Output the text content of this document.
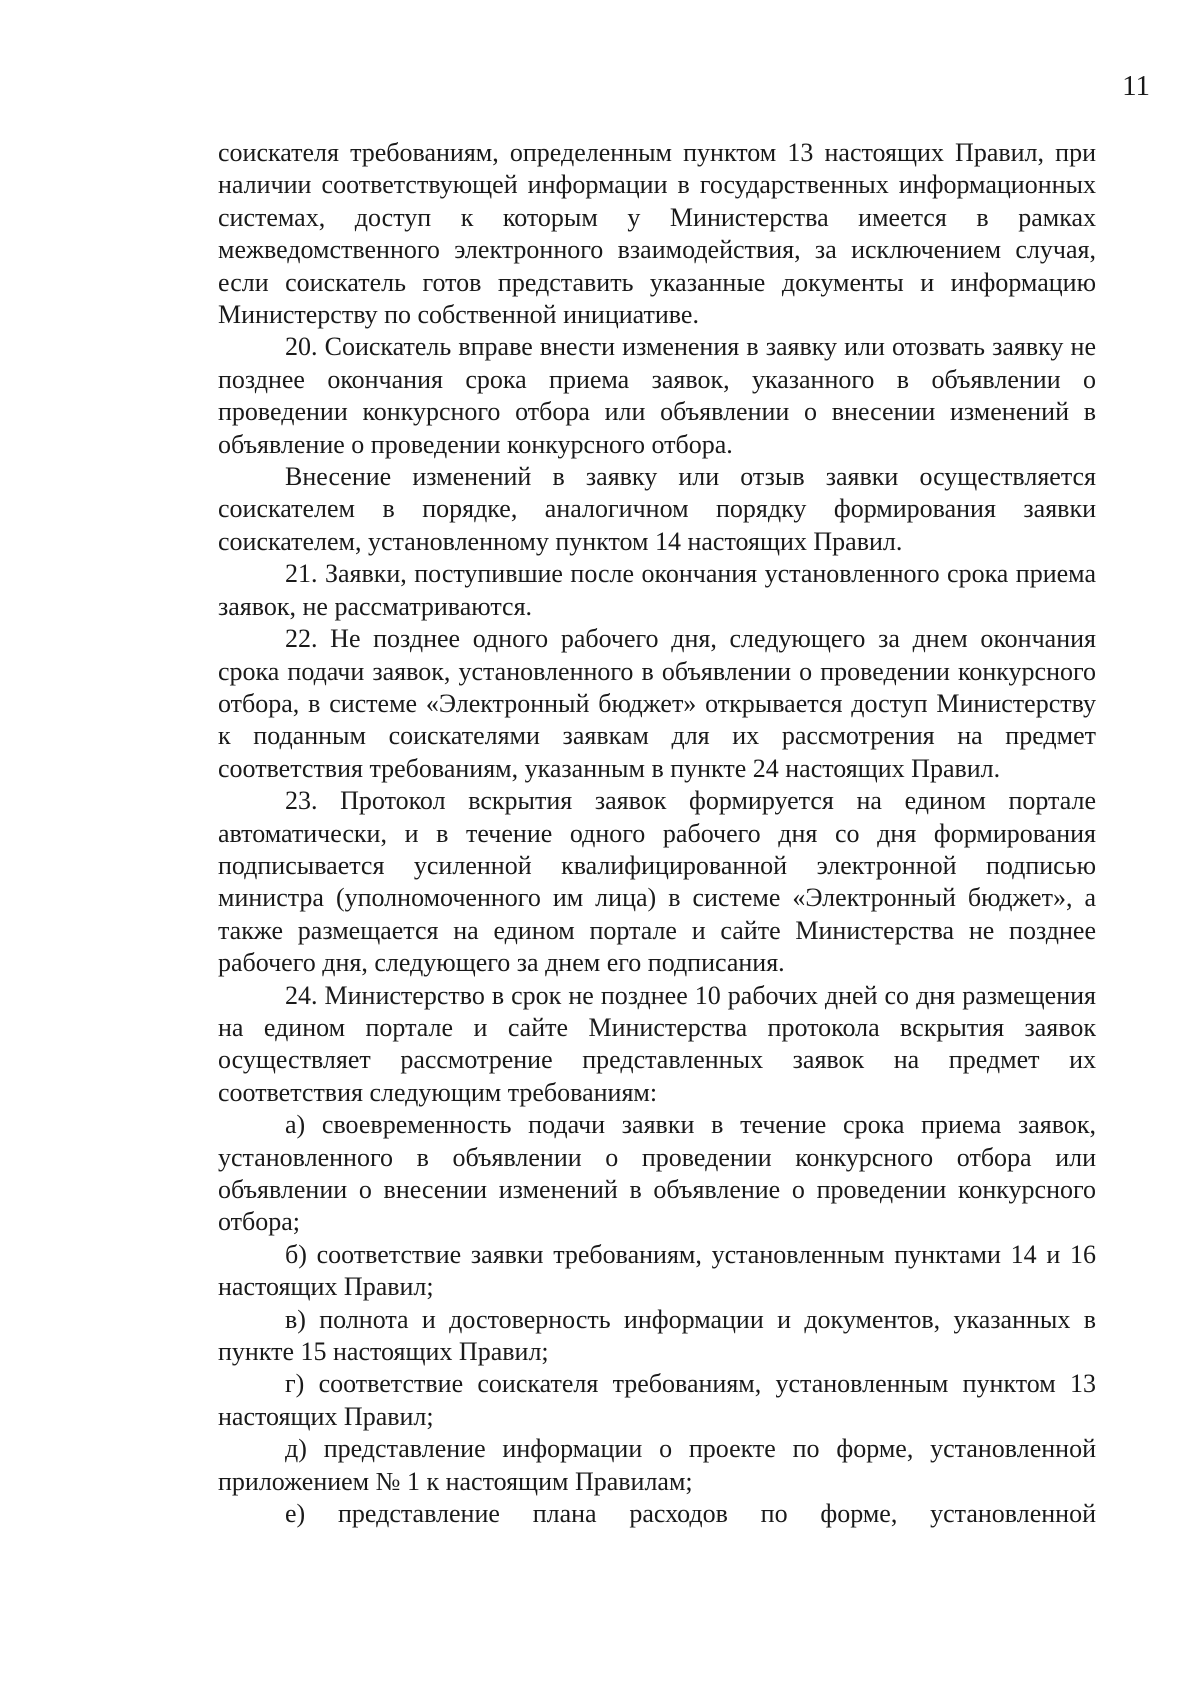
11

соискателя требованиям, определенным пунктом 13 настоящих Правил, при наличии соответствующей информации в государственных информационных системах, доступ к которым у Министерства имеется в рамках межведомственного электронного взаимодействия, за исключением случая, если соискатель готов представить указанные документы и информацию Министерству по собственной инициативе.

20. Соискатель вправе внести изменения в заявку или отозвать заявку не позднее окончания срока приема заявок, указанного в объявлении о проведении конкурсного отбора или объявлении о внесении изменений в объявление о проведении конкурсного отбора.

Внесение изменений в заявку или отзыв заявки осуществляется соискателем в порядке, аналогичном порядку формирования заявки соискателем, установленному пунктом 14 настоящих Правил.

21. Заявки, поступившие после окончания установленного срока приема заявок, не рассматриваются.

22. Не позднее одного рабочего дня, следующего за днем окончания срока подачи заявок, установленного в объявлении о проведении конкурсного отбора, в системе «Электронный бюджет» открывается доступ Министерству к поданным соискателями заявкам для их рассмотрения на предмет соответствия требованиям, указанным в пункте 24 настоящих Правил.

23. Протокол вскрытия заявок формируется на едином портале автоматически, и в течение одного рабочего дня со дня формирования подписывается усиленной квалифицированной электронной подписью министра (уполномоченного им лица) в системе «Электронный бюджет», а также размещается на едином портале и сайте Министерства не позднее рабочего дня, следующего за днем его подписания.

24. Министерство в срок не позднее 10 рабочих дней со дня размещения на едином портале и сайте Министерства протокола вскрытия заявок осуществляет рассмотрение представленных заявок на предмет их соответствия следующим требованиям:

а) своевременность подачи заявки в течение срока приема заявок, установленного в объявлении о проведении конкурсного отбора или объявлении о внесении изменений в объявление о проведении конкурсного отбора;

б) соответствие заявки требованиям, установленным пунктами 14 и 16 настоящих Правил;

в) полнота и достоверность информации и документов, указанных в пункте 15 настоящих Правил;

г) соответствие соискателя требованиям, установленным пунктом 13 настоящих Правил;

д) представление информации о проекте по форме, установленной приложением № 1 к настоящим Правилам;

е) представление плана расходов по форме, установленной
